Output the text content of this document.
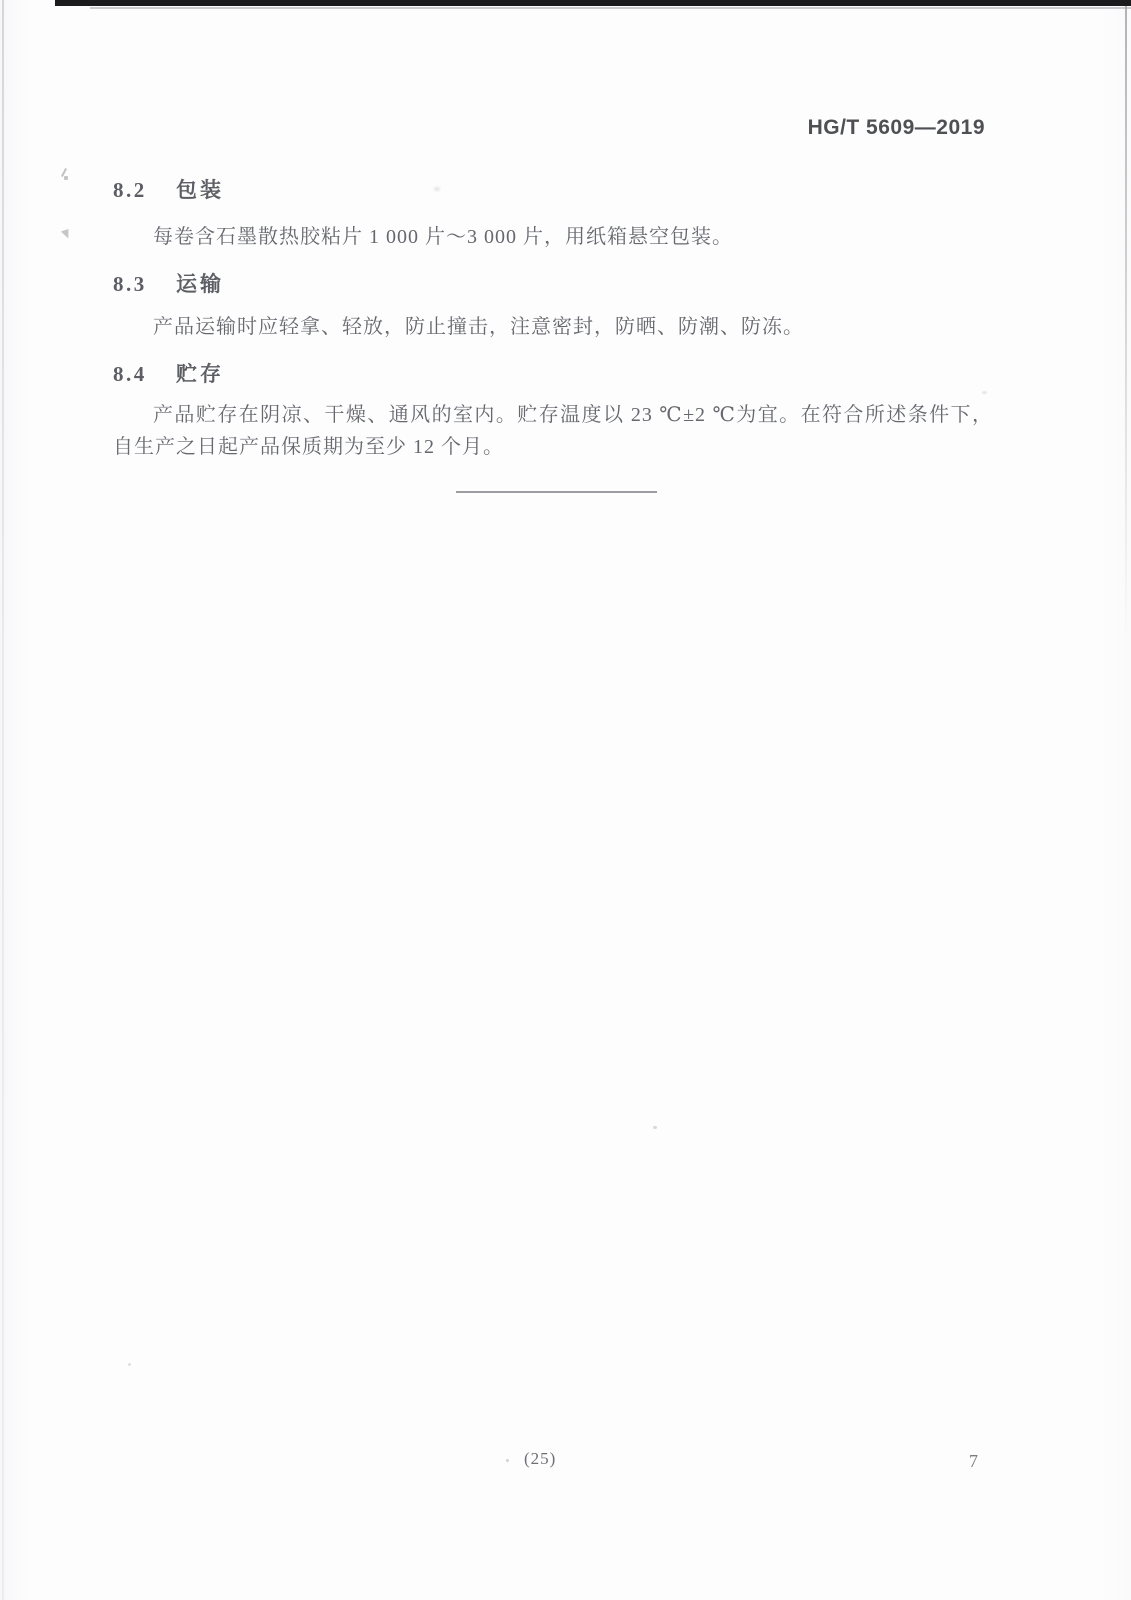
HG/T 5609—2019
8.2 包装
每卷含石墨散热胶粘片 1 000 片～3 000 片，用纸箱悬空包装。
8.3 运输
产品运输时应轻拿、轻放，防止撞击，注意密封，防晒、防潮、防冻。
8.4 贮存
产品贮存在阴凉、干燥、通风的室内。贮存温度以 23 ℃±2 ℃为宜。在符合所述条件下，自生产之日起产品保质期为至少 12 个月。
(25)	7
